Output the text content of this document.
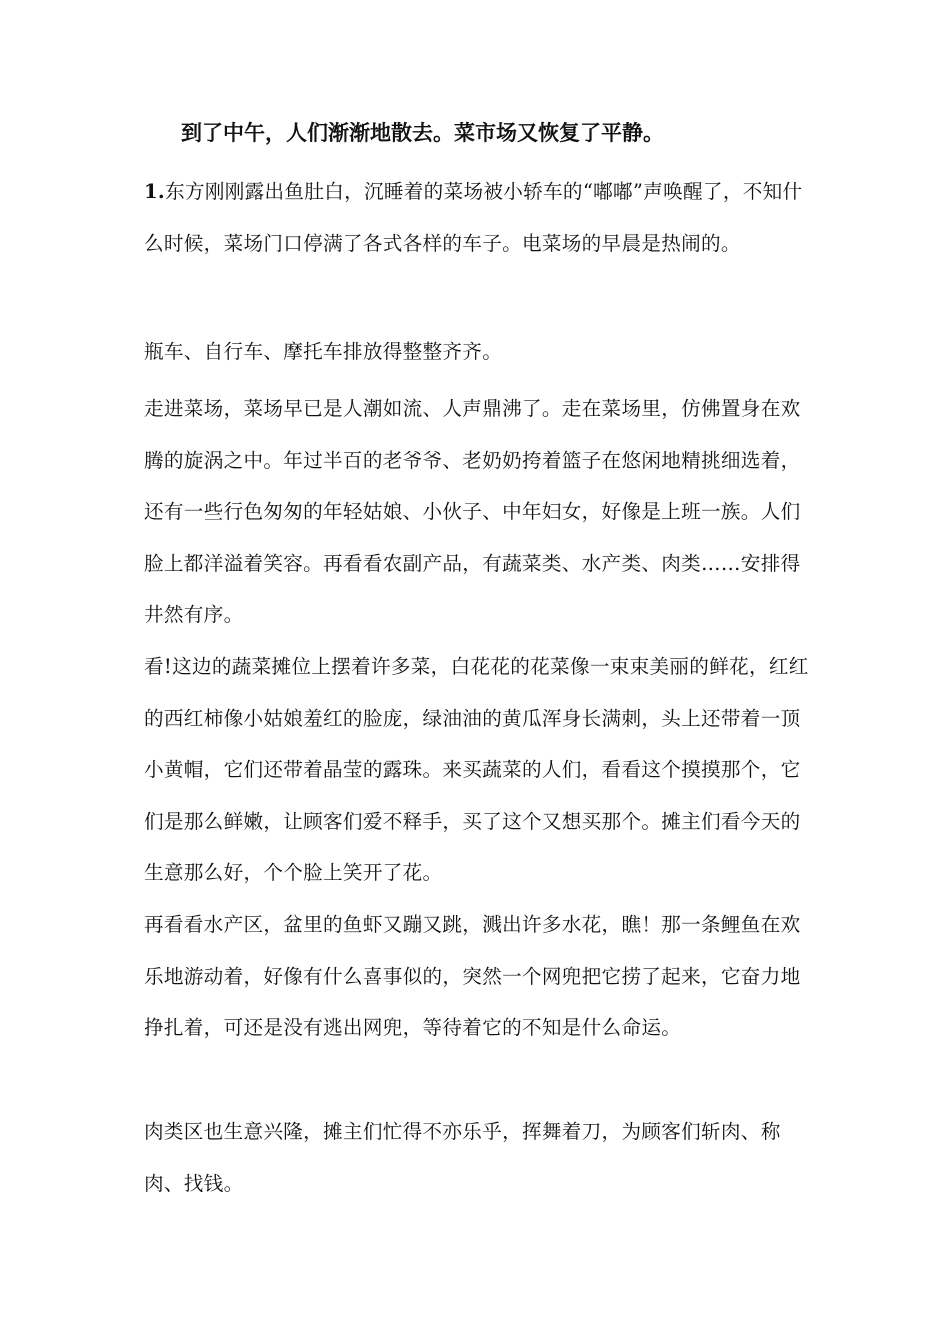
到了中午，人们渐渐地散去。菜市场又恢复了平静。

1.东方刚刚露出鱼肚白，沉睡着的菜场被小轿车的“嘟嘟”声唤醒了，不知什么时候，菜场门口停满了各式各样的车子。电菜场的早晨是热闹的。

瓶车、自行车、摩托车排放得整整齐齐。

走进菜场，菜场早已是人潮如流、人声鼎沸了。走在菜场里，仿佛置身在欢腾的旋涡之中。年过半百的老爷爷、老奶奶挎着篮子在悠闲地精挑细选着，还有一些行色匆匆的年轻姑娘、小伙子、中年妇女，好像是上班一族。人们脸上都洋溢着笑容。再看看农副产品，有蔬菜类、水产类、肉类……安排得井然有序。

看!这边的蔬菜摊位上摆着许多菜，白花花的花菜像一束束美丽的鲜花，红红的西红柿像小姑娘羞红的脸庞，绿油油的黄瓜浑身长满刺，头上还带着一顶小黄帽，它们还带着晶莹的露珠。来买蔬菜的人们，看看这个摸摸那个，它们是那么鲜嫩，让顾客们爱不释手，买了这个又想买那个。摊主们看今天的生意那么好，个个脸上笑开了花。

再看看水产区，盆里的鱼虾又蹦又跳，溅出许多水花，瞧！那一条鲤鱼在欢乐地游动着，好像有什么喜事似的，突然一个网兜把它捞了起来，它奋力地挣扎着，可还是没有逃出网兜，等待着它的不知是什么命运。

肉类区也生意兴隆，摊主们忙得不亦乐乎，挥舞着刀，为顾客们斩肉、称肉、找钱。
